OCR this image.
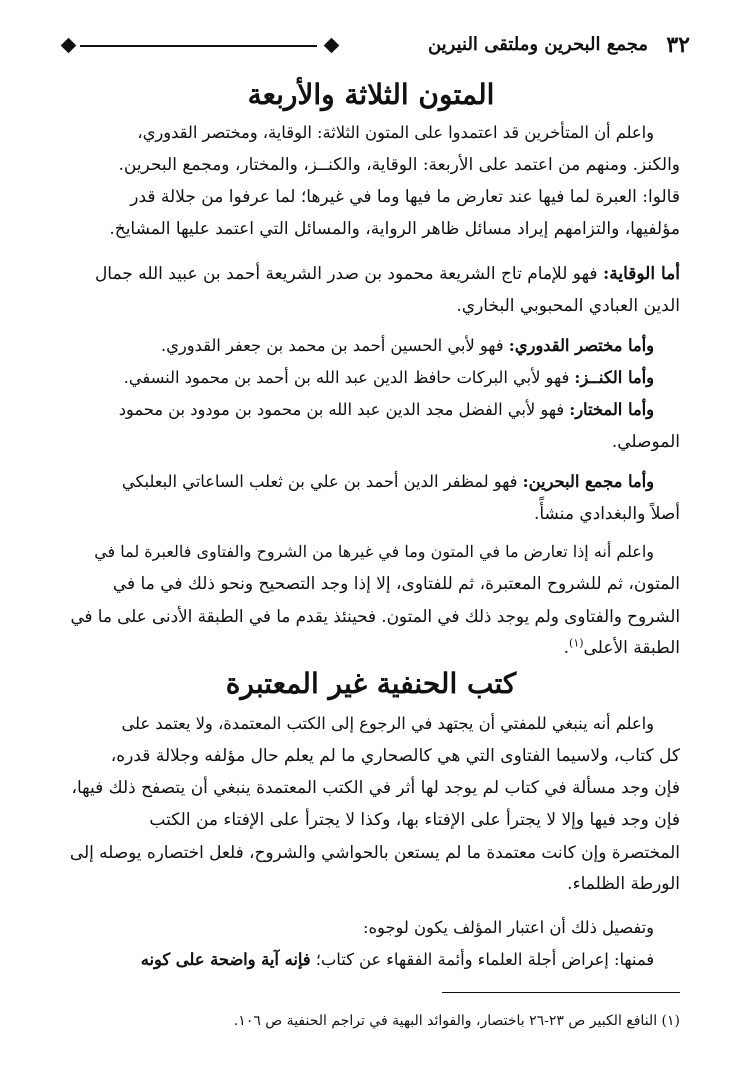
٣٢
مجمع البحرين وملتقى النيرين
المتون الثلاثة والأربعة
واعلم أن المتأخرين قد اعتمدوا على المتون الثلاثة: الوقاية، ومختصر القدوري،
والكنز. ومنهم من اعتمد على الأربعة: الوقاية، والكنــز، والمختار، ومجمع البحرين.
قالوا: العبرة لما فيها عند تعارض ما فيها وما في غيرها؛ لما عرفوا من جلالة قدر
مؤلفيها، والتزامهم إيراد مسائل ظاهر الرواية، والمسائل التي اعتمد عليها المشايخ.
أما الوقاية: فهو للإمام تاج الشريعة محمود بن صدر الشريعة أحمد بن عبيد الله جمال
الدين العبادي المحبوبي البخاري.
وأما مختصر القدوري: فهو لأبي الحسين أحمد بن محمد بن جعفر القدوري.
وأما الكنــز: فهو لأبي البركات حافظ الدين عبد الله بن أحمد بن محمود النسفي.
وأما المختار: فهو لأبي الفضل مجد الدين عبد الله بن محمود بن مودود بن محمود
الموصلي.
وأما مجمع البحرين: فهو لمظفر الدين أحمد بن علي بن ثعلب الساعاتي البعلبكي
أصلاً والبغدادي منشأً.
واعلم أنه إذا تعارض ما في المتون وما في غيرها من الشروح والفتاوى فالعبرة لما في
المتون، ثم للشروح المعتبرة، ثم للفتاوى، إلا إذا وجد التصحيح ونحو ذلك في ما في
الشروح والفتاوى ولم يوجد ذلك في المتون. فحينئذ يقدم ما في الطبقة الأدنى على ما في
الطبقة الأعلى$^{(١)}$.
كتب الحنفية غير المعتبرة
واعلم أنه ينبغي للمفتي أن يجتهد في الرجوع إلى الكتب المعتمدة، ولا يعتمد على
كل كتاب، ولاسيما الفتاوى التي هي كالصحاري ما لم يعلم حال مؤلفه وجلالة قدره،
فإن وجد مسألة في كتاب لم يوجد لها أثر في الكتب المعتمدة ينبغي أن يتصفح ذلك فيها،
فإن وجد فيها وإلا لا يجترأ على الإفتاء بها، وكذا لا يجترأ على الإفتاء من الكتب
المختصرة وإن كانت معتمدة ما لم يستعن بالحواشي والشروح، فلعل اختصاره يوصله إلى
الورطة الظلماء.
وتفصيل ذلك أن اعتبار المؤلف يكون لوجوه:
فمنها: إعراض أجلة العلماء وأئمة الفقهاء عن كتاب؛ فإنه آية واضحة على كونه
(١) النافع الكبير ص ٢٣-٢٦ باختصار، والفوائد البهية في تراجم الحنفية ص ١٠٦.
